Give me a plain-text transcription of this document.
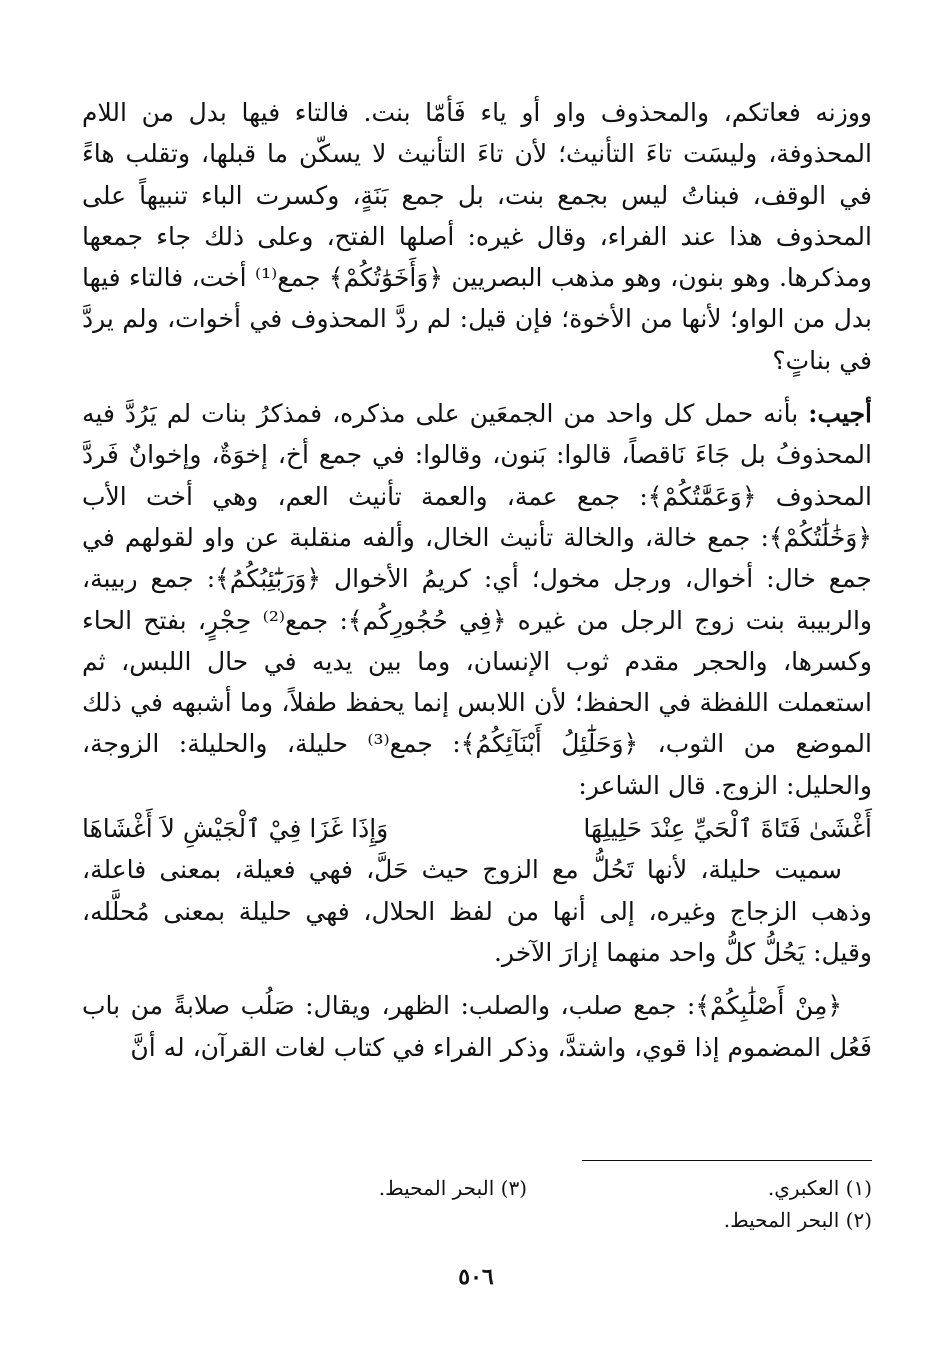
ووزنه فعاتكم، والمحذوف واو أو ياء فَأمّا بنت. فالتاء فيها بدل من اللام المحذوفة، وليسَت تاءَ التأنيث؛ لأن تاءَ التأنيث لا يسكّن ما قبلها، وتقلب هاءً في الوقف، فبناتُ ليس بجمع بنت، بل جمع بَنَةٍ، وكسرت الباء تنبيهاً على المحذوف هذا عند الفراء، وقال غيره: أصلها الفتح، وعلى ذلك جاء جمعها ومذكرها. وهو بنون، وهو مذهب البصريين ﴿وَأَخَوَٰتُكُمْ﴾ جمع⁽¹⁾ أخت، فالتاء فيها بدل من الواو؛ لأنها من الأخوة؛ فإن قيل: لم ردَّ المحذوف في أخوات، ولم يردَّ في بناتٍ؟

أجيب: بأنه حمل كل واحد من الجمعَين على مذكره، فمذكرُ بنات لم يَرُدَّ فيه المحذوفُ بل جَاءَ نَاقصاً، قالوا: بَنون، وقالوا: في جمع أخ، إخوَةٌ، وإخوانٌ فَردَّ المحذوف ﴿وَعَمَّٰتُكُمْ﴾: جمع عمة، والعمة تأنيث العم، وهي أخت الأب ﴿وَخَٰلَٰتُكُمْ﴾: جمع خالة، والخالة تأنيث الخال، وألفه منقلبة عن واو لقولهم في جمع خال: أخوال، ورجل مخول؛ أي: كريمُ الأخوال ﴿وَرَبَٰٓئِبُكُمُ﴾: جمع ربيبة، والربيبة بنت زوج الرجل من غيره ﴿فِي حُجُورِكُم﴾: جمع⁽²⁾ حِجْرٍ، بفتح الحاء وكسرها، والحجر مقدم ثوب الإنسان، وما بين يديه في حال اللبس، ثم استعملت اللفظة في الحفظ؛ لأن اللابس إنما يحفظ طفلاً، وما أشبهه في ذلك الموضع من الثوب، ﴿وَحَلَٰٓئِلُ أَبْنَآئِكُمُ﴾: جمع⁽³⁾ حليلة، والحليلة: الزوجة، والحليل: الزوج. قال الشاعر:

أَغْشَىٰ فَتَاةَ ٱلْحَيِّ عِنْدَ حَلِيلِهَا
وَإِذَا غَزَا فِيْ ٱلْجَيْشِ لاَ أَغْشَاهَا

سميت حليلة، لأنها تَحُلُّ مع الزوج حيث حَلَّ، فهي فعيلة، بمعنى فاعلة، وذهب الزجاج وغيره، إلى أنها من لفظ الحلال، فهي حليلة بمعنى مُحلَّله، وقيل: يَحُلُّ كلُّ واحد منهما إزارَ الآخر.

﴿مِنْ أَصْلَٰبِكُمْ﴾: جمع صلب، والصلب: الظهر، ويقال: صَلُب صلابةً من باب فَعُل المضموم إذا قوي، واشتدَّ، وذكر الفراء في كتاب لغات القرآن، له أنَّ

(١) العكبري.
(٣) البحر المحيط.
(٢) البحر المحيط.
٥٠٦
